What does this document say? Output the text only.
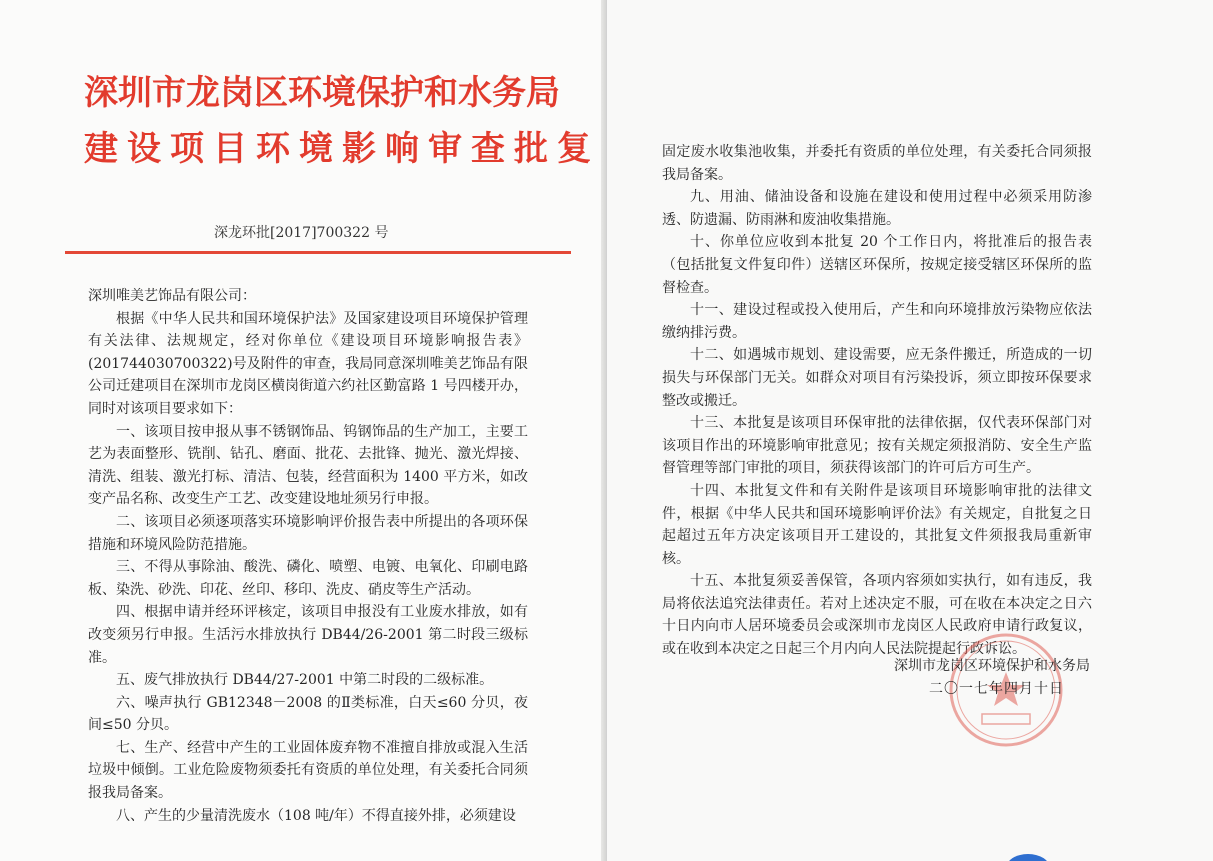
深圳市龙岗区环境保护和水务局
建设项目环境影响审查批复
深龙环批[2017]700322 号

深圳唯美艺饰品有限公司：

根据《中华人民共和国环境保护法》及国家建设项目环境保护管理有关法律、法规规定，经对你单位《建设项目环境影响报告表》(201744030700322)号及附件的审查，我局同意深圳唯美艺饰品有限公司迁建项目在深圳市龙岗区横岗街道六约社区勤富路 1 号四楼开办，同时对该项目要求如下：

一、该项目按申报从事不锈钢饰品、钨钢饰品的生产加工，主要工艺为表面整形、铣削、钻孔、磨面、批花、去批锋、抛光、激光焊接、清洗、组装、激光打标、清洁、包装，经营面积为 1400 平方米，如改变产品名称、改变生产工艺、改变建设地址须另行申报。

二、该项目必须逐项落实环境影响评价报告表中所提出的各项环保措施和环境风险防范措施。

三、不得从事除油、酸洗、磷化、喷塑、电镀、电氧化、印刷电路板、染洗、砂洗、印花、丝印、移印、洗皮、硝皮等生产活动。

四、根据申请并经环评核定，该项目申报没有工业废水排放，如有改变须另行申报。生活污水排放执行 DB44/26-2001 第二时段三级标准。

五、废气排放执行 DB44/27-2001 中第二时段的二级标准。

六、噪声执行 GB12348－2008 的Ⅱ类标准，白天≤60 分贝，夜间≤50 分贝。

七、生产、经营中产生的工业固体废弃物不准擅自排放或混入生活垃圾中倾倒。工业危险废物须委托有资质的单位处理，有关委托合同须报我局备案。

八、产生的少量清洗废水（108 吨/年）不得直接外排，必须建设

固定废水收集池收集，并委托有资质的单位处理，有关委托合同须报我局备案。

九、用油、储油设备和设施在建设和使用过程中必须采用防渗透、防遗漏、防雨淋和废油收集措施。

十、你单位应收到本批复 20 个工作日内，将批准后的报告表（包括批复文件复印件）送辖区环保所，按规定接受辖区环保所的监督检查。

十一、建设过程或投入使用后，产生和向环境排放污染物应依法缴纳排污费。

十二、如遇城市规划、建设需要，应无条件搬迁，所造成的一切损失与环保部门无关。如群众对项目有污染投诉，须立即按环保要求整改或搬迁。

十三、本批复是该项目环保审批的法律依据，仅代表环保部门对该项目作出的环境影响审批意见；按有关规定须报消防、安全生产监督管理等部门审批的项目，须获得该部门的许可后方可生产。

十四、本批复文件和有关附件是该项目环境影响审批的法律文件，根据《中华人民共和国环境影响评价法》有关规定，自批复之日起超过五年方决定该项目开工建设的，其批复文件须报我局重新审核。

十五、本批复须妥善保管，各项内容须如实执行，如有违反，我局将依法追究法律责任。若对上述决定不服，可在收在本决定之日六十日内向市人居环境委员会或深圳市龙岗区人民政府申请行政复议，或在收到本决定之日起三个月内向人民法院提起行政诉讼。

深圳市龙岗区环境保护和水务局
二〇一七年四月十日
